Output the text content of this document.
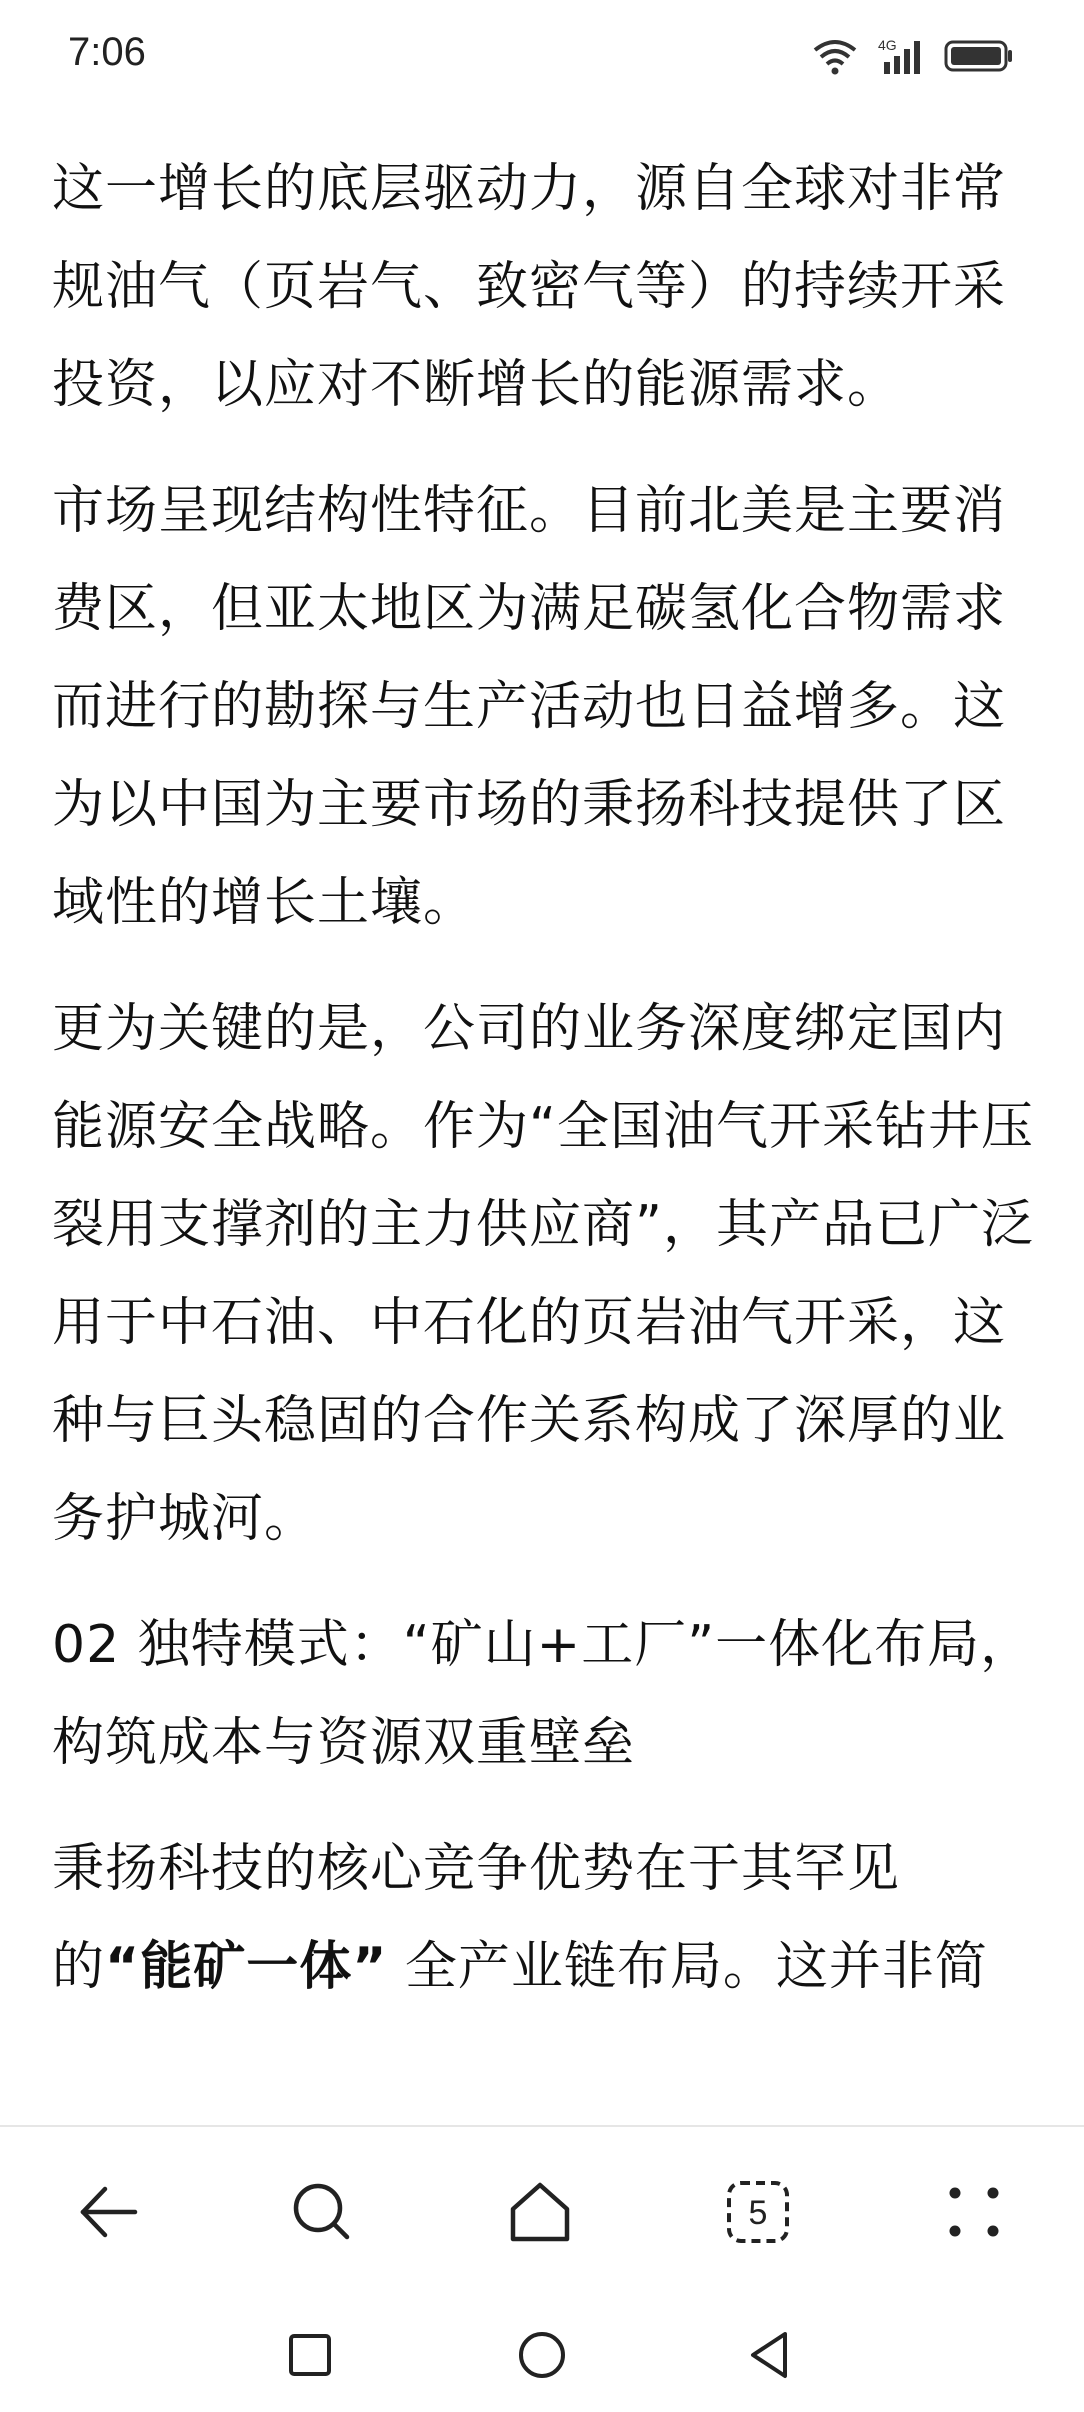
7:06	4G

这一增长的底层驱动力，源自全球对非常规油气（页岩气、致密气等）的持续开采投资，以应对不断增长的能源需求。

市场呈现结构性特征。目前北美是主要消费区，但亚太地区为满足碳氢化合物需求而进行的勘探与生产活动也日益增多。这为以中国为主要市场的秉扬科技提供了区域性的增长土壤。

更为关键的是，公司的业务深度绑定国内能源安全战略。作为“全国油气开采钻井压裂用支撑剂的主力供应商”，其产品已广泛用于中石油、中石化的页岩油气开采，这种与巨头稳固的合作关系构成了深厚的业务护城河。

02 独特模式：“矿山+工厂”一体化布局，构筑成本与资源双重壁垒

秉扬科技的核心竞争优势在于其罕见的“能矿一体” 全产业链布局。这并非简

5
